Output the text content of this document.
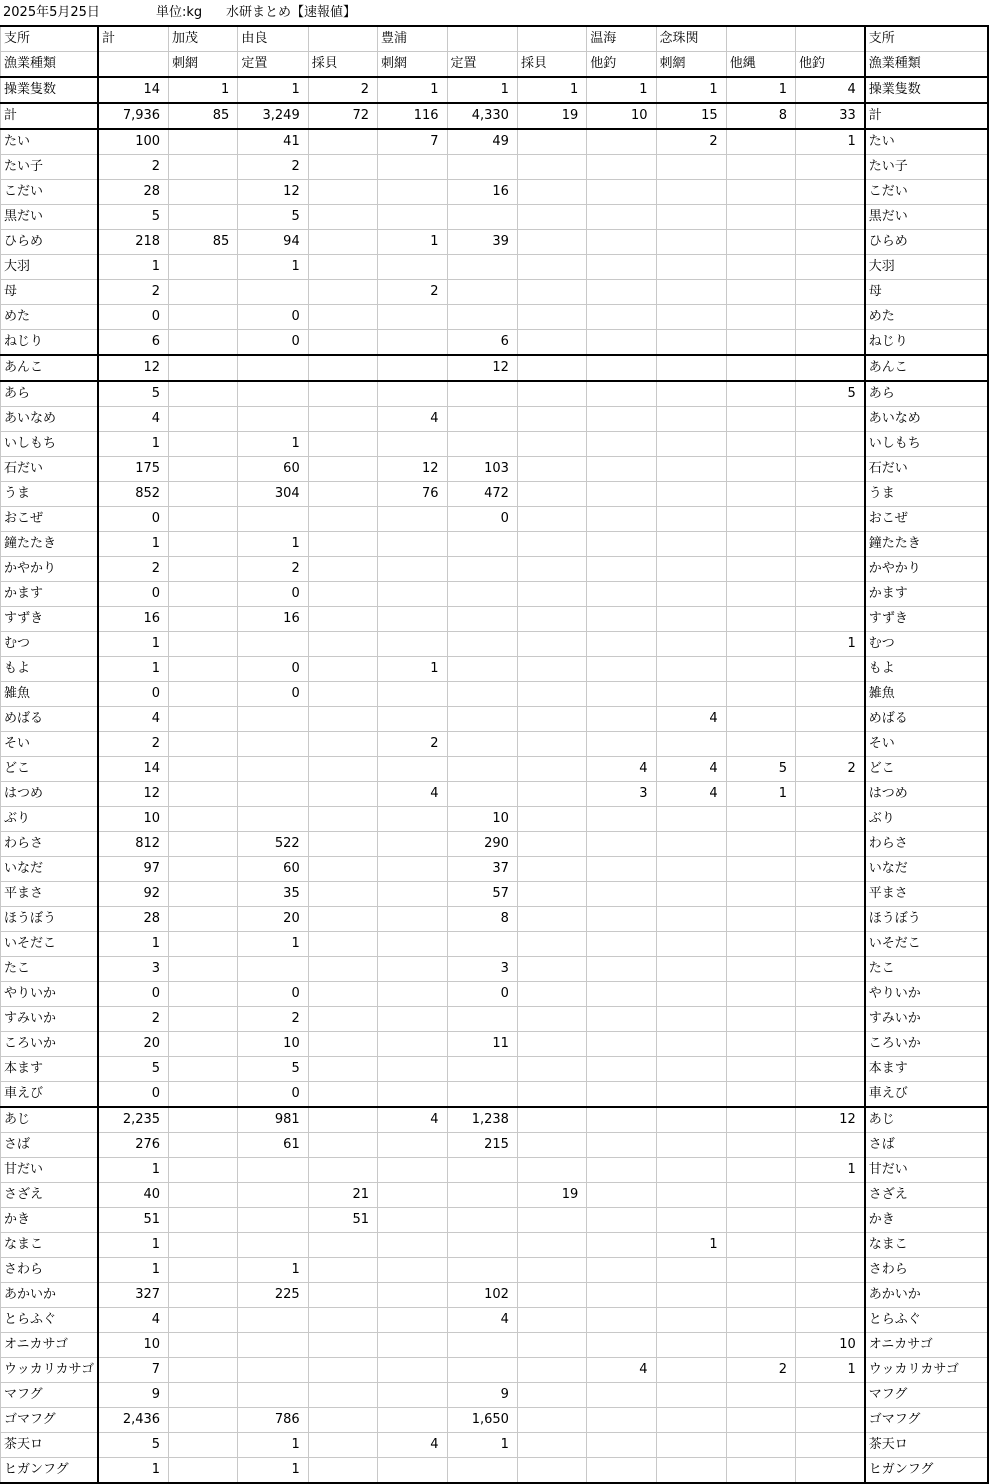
2025年5月25日	単位:kg 水研まとめ【速報値】
支所	計	加茂	由良		豊浦			温海	念珠関			支所
漁業種類		刺網	定置	採貝	刺網	定置	採貝	他釣	刺網	他縄	他釣	漁業種類
操業隻数	14	1	1	2	1	1	1	1	1	1	4	操業隻数
計	7,936	85	3,249	72	116	4,330	19	10	15	8	33	計
たい	100		41		7	49			2		1	たい
たい子	2		2									たい子
こだい	28		12			16						こだい
黒だい	5		5									黒だい
ひらめ	218	85	94		1	39						ひらめ
大羽	1		1									大羽
母	2				2							母
めた	0		0									めた
ねじり	6		0			6						ねじり
あんこ	12					12						あんこ
あら	5										5	あら
あいなめ	4				4							あいなめ
いしもち	1		1									いしもち
石だい	175		60		12	103						石だい
うま	852		304		76	472						うま
おこぜ	0					0						おこぜ
鐘たたき	1		1									鐘たたき
かやかり	2		2									かやかり
かます	0		0									かます
すずき	16		16									すずき
むつ	1										1	むつ
もよ	1		0		1							もよ
雑魚	0		0									雑魚
めばる	4								4			めばる
そい	2				2							そい
どこ	14							4	4	5	2	どこ
はつめ	12				4			3	4	1		はつめ
ぶり	10					10						ぶり
わらさ	812		522			290						わらさ
いなだ	97		60			37						いなだ
平まさ	92		35			57						平まさ
ほうぼう	28		20			8						ほうぼう
いそだこ	1		1									いそだこ
たこ	3					3						たこ
やりいか	0		0			0						やりいか
すみいか	2		2									すみいか
ころいか	20		10			11						ころいか
本ます	5		5									本ます
車えび	0		0									車えび
あじ	2,235		981		4	1,238					12	あじ
さば	276		61			215						さば
甘だい	1										1	甘だい
さざえ	40			21			19					さざえ
かき	51			51								かき
なまこ	1								1			なまこ
さわら	1		1									さわら
あかいか	327		225			102						あかいか
とらふぐ	4					4						とらふぐ
オニカサゴ	10										10	オニカサゴ
ウッカリカサゴ	7							4		2	1	ウッカリカサゴ
マフグ	9					9						マフグ
ゴマフグ	2,436		786			1,650						ゴマフグ
茶天ロ	5		1		4	1						茶天ロ
ヒガンフグ	1		1									ヒガンフグ
